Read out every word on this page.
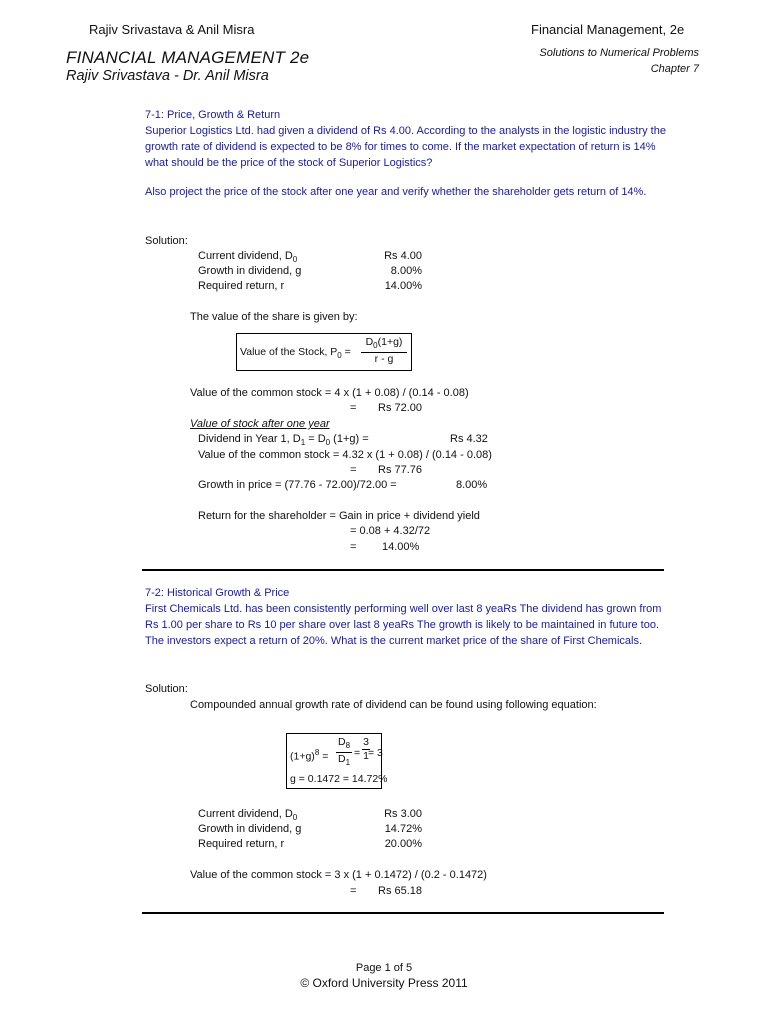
Rajiv Srivastava & Anil Misra	Financial Management, 2e
FINANCIAL MANAGEMENT 2e
Rajiv Srivastava - Dr. Anil Misra
Solutions to Numerical Problems
Chapter 7
7-1: Price, Growth & Return
Superior Logistics Ltd. had given a dividend of Rs 4.00. According to the analysts in the logistic industry the growth rate of dividend is expected to be 8% for times to come. If the market expectation of return is 14% what should be the price of the stock of Superior Logistics?
Also project the price of the stock after one year and verify whether the shareholder gets return of 14%.
Solution:
Current dividend, $D_0$	Rs 4.00
Growth in dividend, g	8.00%
Required return, r	14.00%
The value of the share is given by:
Value of the Stock, $P_0$ =
$D_0(1+g)$
r - g
Value of the common stock = 4 x (1 + 0.08) / (0.14 - 0.08)
= Rs 72.00
Value of stock after one year
Dividend in Year 1, $D_1 = D_0$ (1+g) =	Rs 4.32
Value of the common stock = 4.32 x (1 + 0.08) / (0.14 - 0.08)
= Rs 77.76
Growth in price = (77.76 - 72.00)/72.00 =	8.00%
Return for the shareholder = Gain in price + dividend yield
= 0.08 + 4.32/72
= 14.00%
7-2: Historical Growth & Price
First Chemicals Ltd. has been consistently performing well over last 8 yeaRs The dividend has grown from Rs 1.00 per share to Rs 10 per share over last 8 yeaRs The growth is likely to be maintained in future too. The investors expect a return of 20%. What is the current market price of the share of First Chemicals.
Solution:
Compounded annual growth rate of dividend can be found using following equation:
$(1+g)^8$ =
$D_8$
$D_1$
=
3
1 = 3
g = 0.1472 = 14.72%
Current dividend, $D_0$	Rs 3.00
Growth in dividend, g	14.72%
Required return, r	20.00%
Value of the common stock = 3 x (1 + 0.1472) / (0.2 - 0.1472)
= Rs 65.18
Page 1 of 5
© Oxford University Press 2011
